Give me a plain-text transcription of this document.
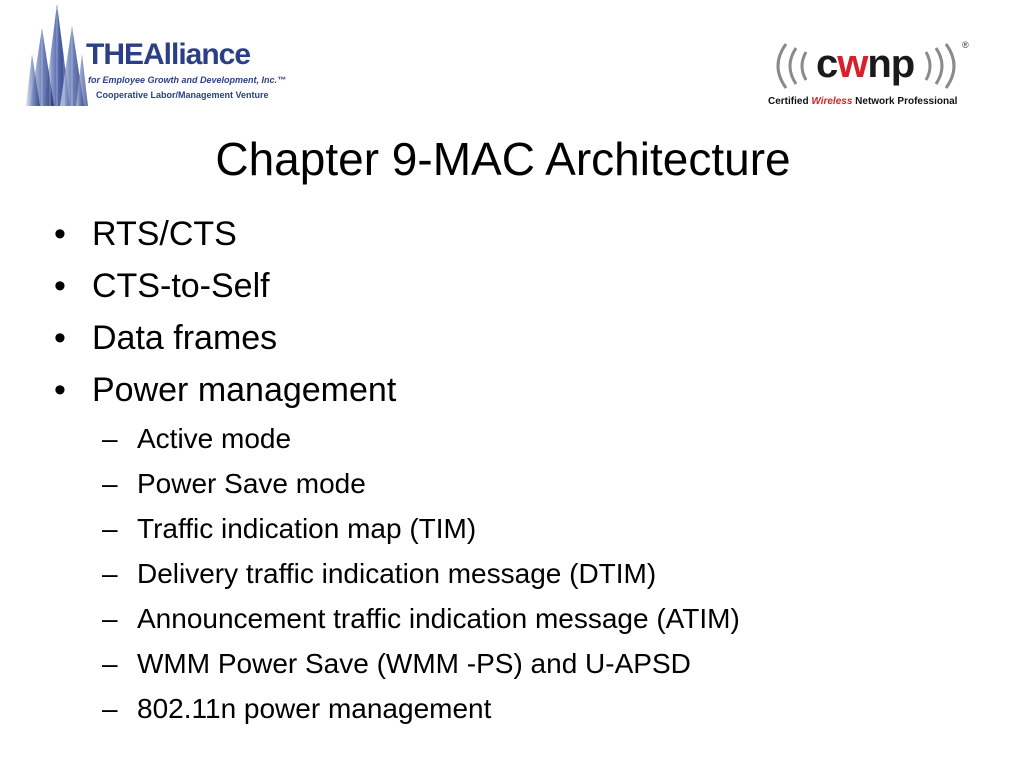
THEAlliance
for Employee Growth and Development, Inc.™
Cooperative Labor/Management Venture
cwnp	®
Certified Wireless Network Professional
Chapter 9-MAC Architecture
• RTS/CTS
• CTS-to-Self
• Data frames
• Power management
– Active mode
– Power Save mode
– Traffic indication map (TIM)
– Delivery traffic indication message (DTIM)
– Announcement traffic indication message (ATIM)
– WMM Power Save (WMM -PS) and U-APSD
– 802.11n power management
